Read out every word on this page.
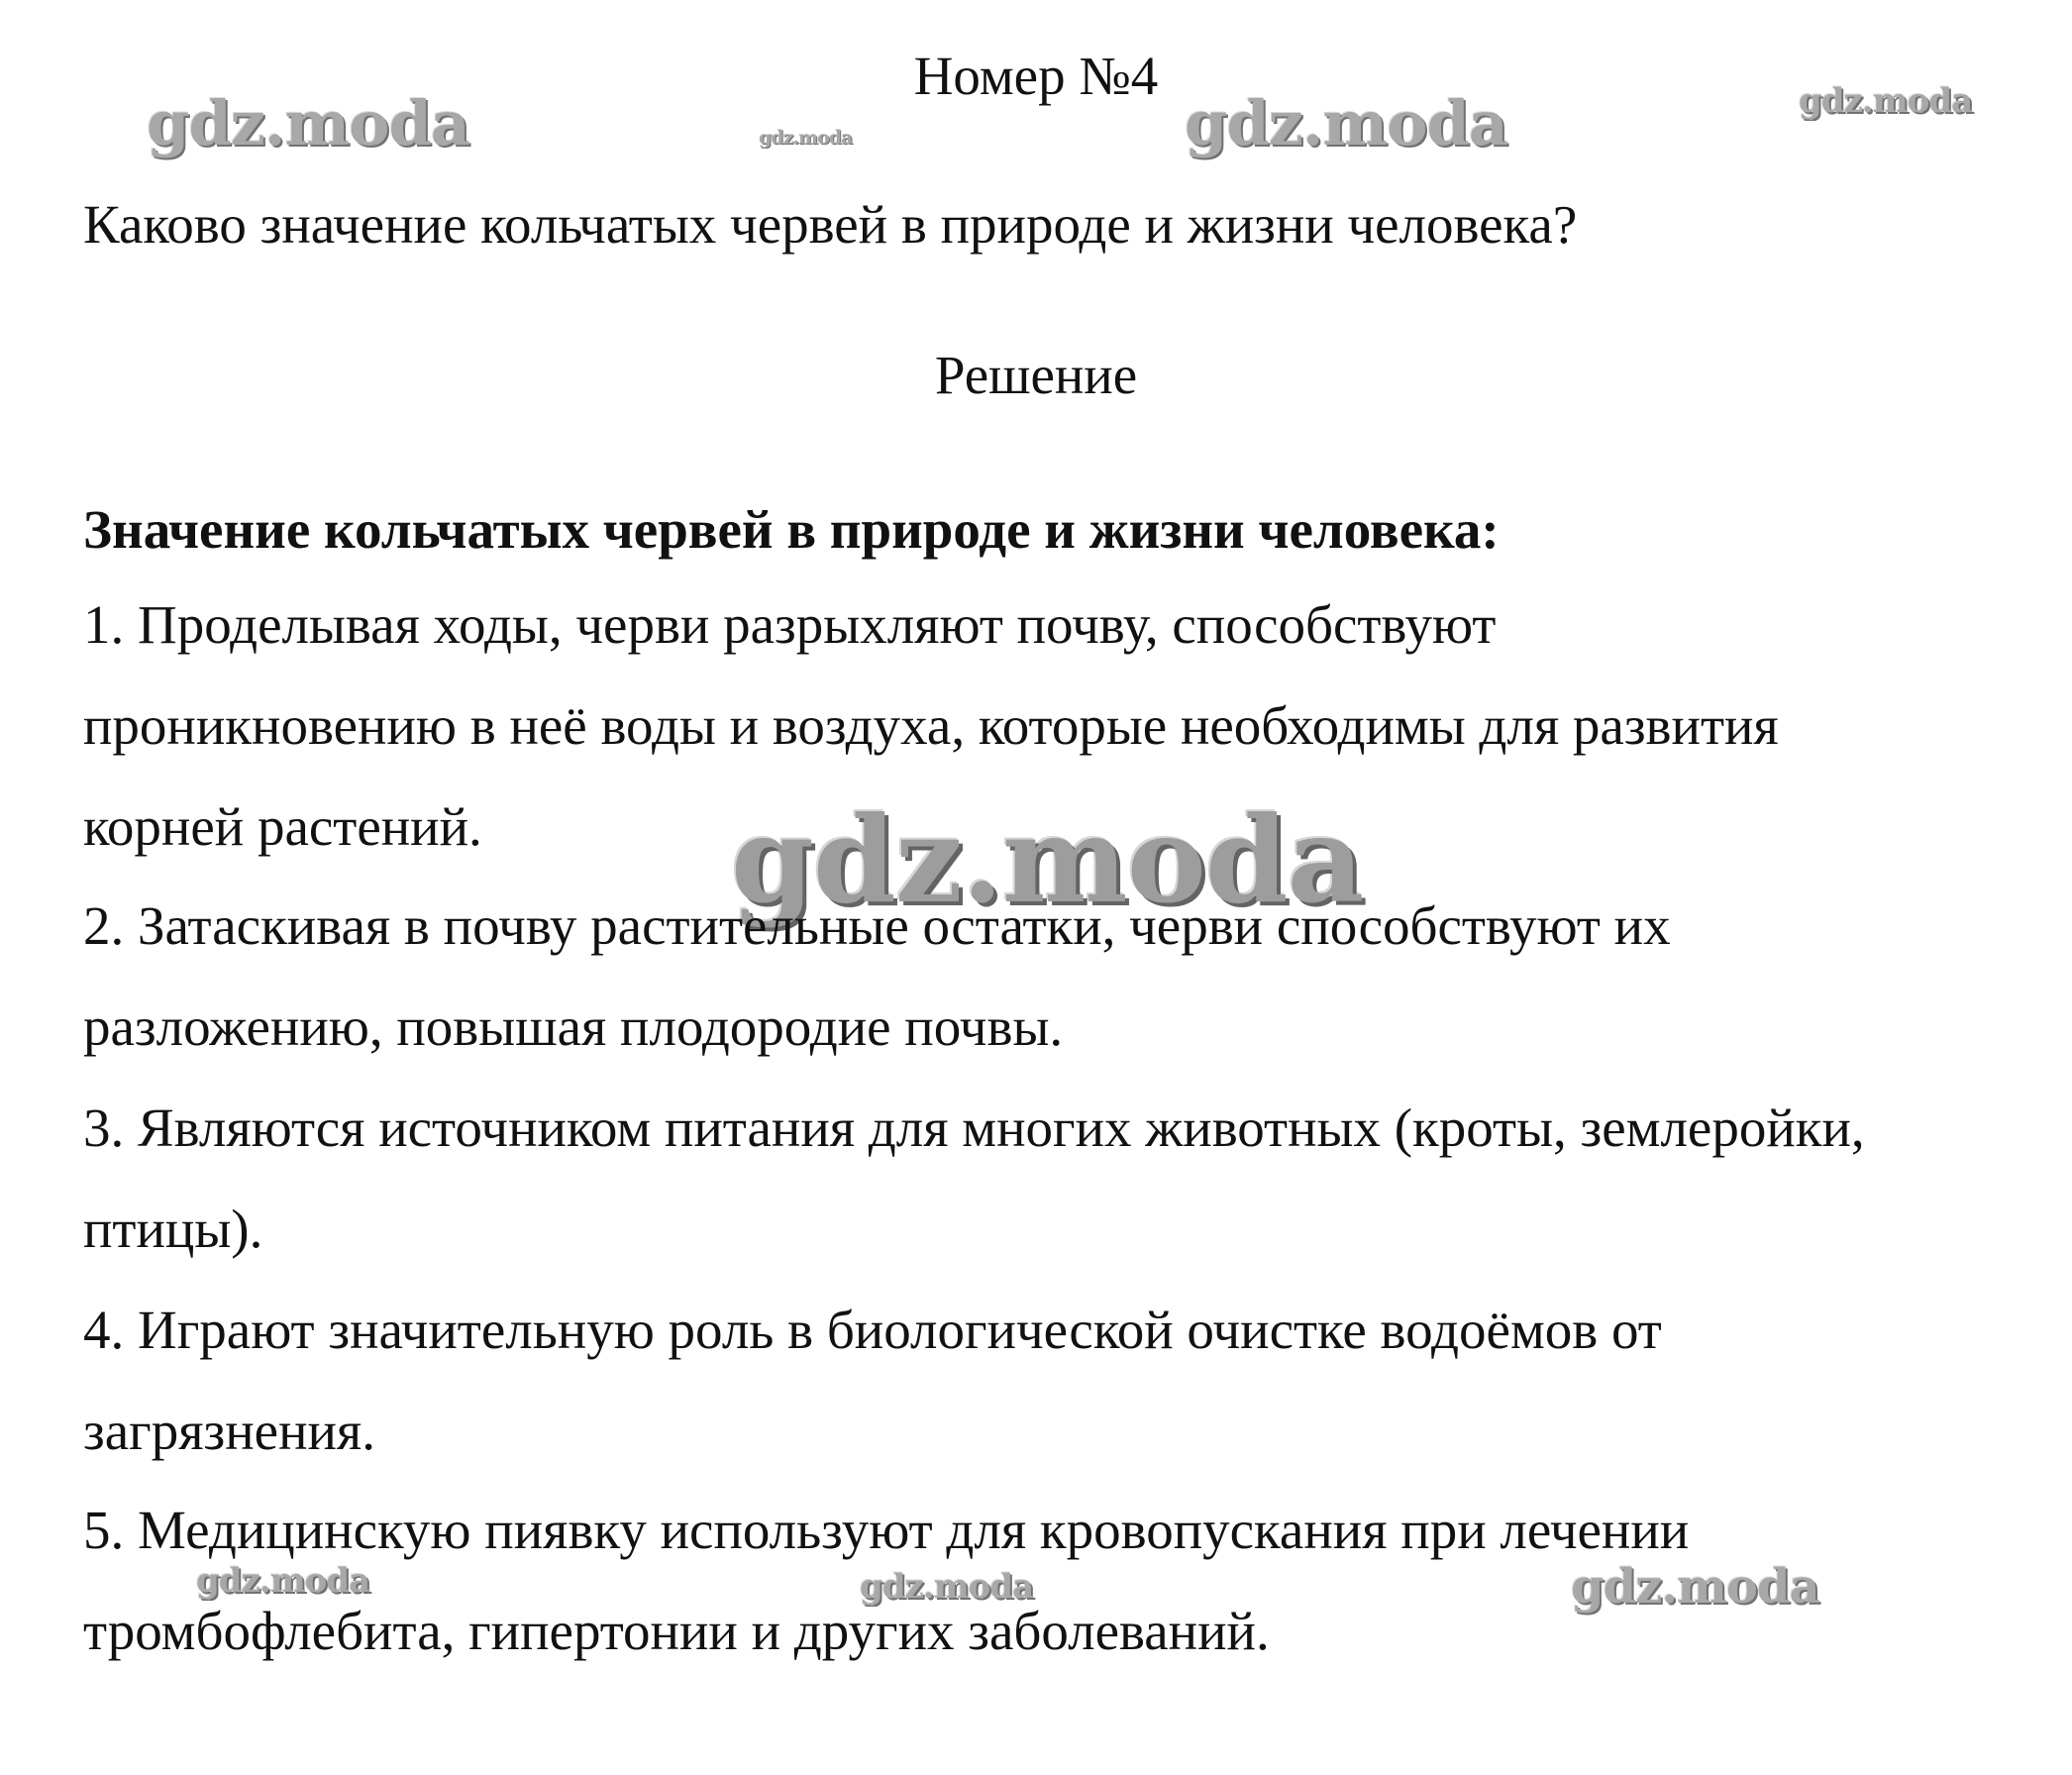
gdz.moda	gdz.moda	gdz.moda	gdz.moda
gdz.moda
gdz.moda	gdz.moda	gdz.moda

Номер №4

Каково значение кольчатых червей в природе и жизни человека?

Решение

Значение кольчатых червей в природе и жизни человека:

1. Проделывая ходы, черви разрыхляют почву, способствуют

проникновению в неё воды и воздуха, которые необходимы для развития

корней растений.

2. Затаскивая в почву растительные остатки, черви способствуют их

разложению, повышая плодородие почвы.

3. Являются источником питания для многих животных (кроты, землеройки,

птицы).

4. Играют значительную роль в биологической очистке водоёмов от

загрязнения.

5. Медицинскую пиявку используют для кровопускания при лечении

тромбофлебита, гипертонии и других заболеваний.
